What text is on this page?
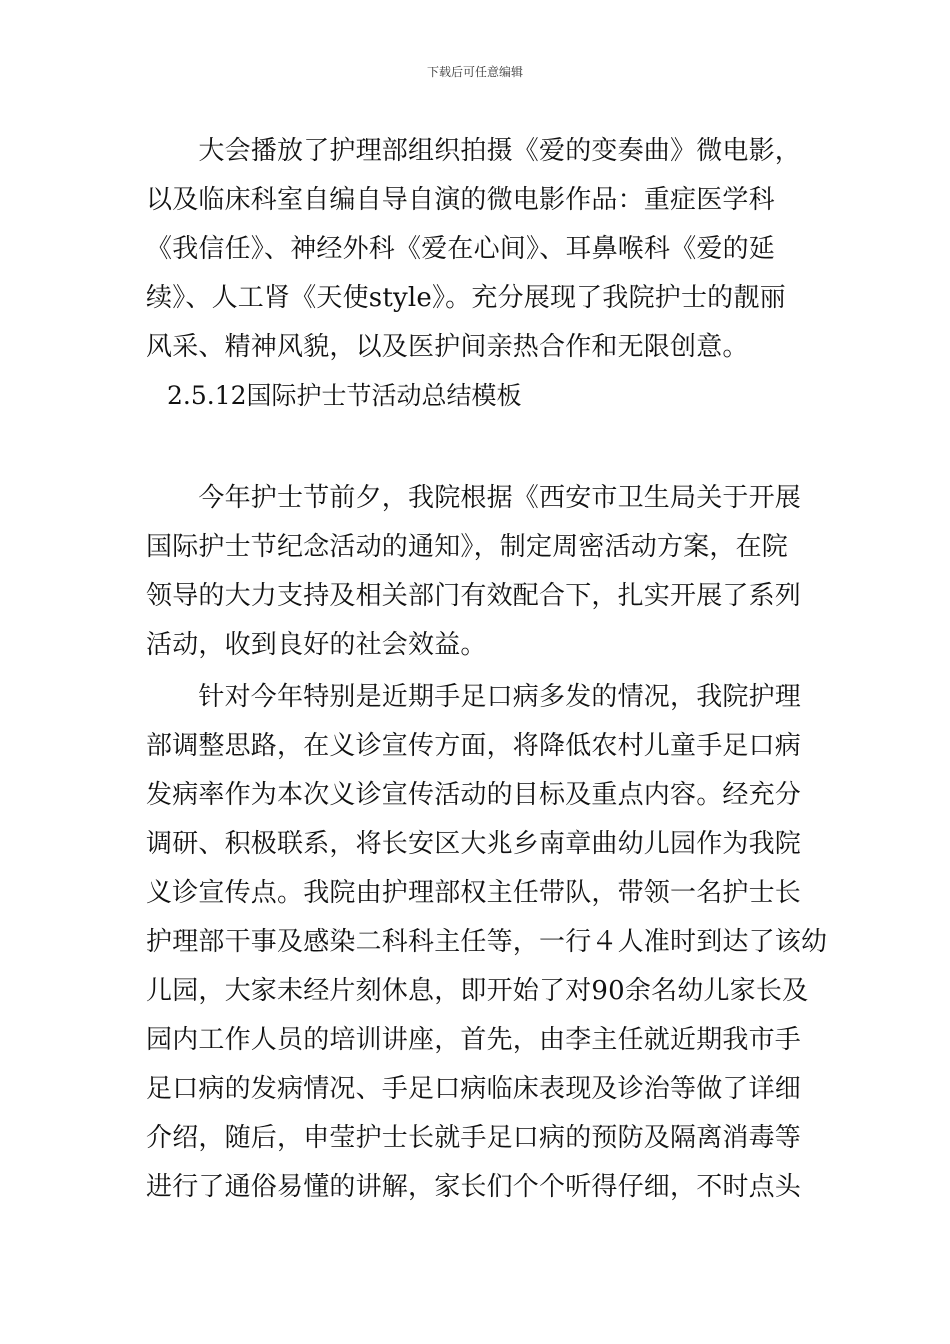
下载后可任意编辑
　　大会播放了护理部组织拍摄《爱的变奏曲》微电影，
以及临床科室自编自导自演的微电影作品：重症医学科
《我信任》、神经外科《爱在心间》、耳鼻喉科《爱的延
续》、人工肾《天使style》。充分展现了我院护士的靓丽
风采、精神风貌，以及医护间亲热合作和无限创意。
2.5.12国际护士节活动总结模板
　　今年护士节前夕，我院根据《西安市卫生局关于开展
国际护士节纪念活动的通知》，制定周密活动方案，在院
领导的大力支持及相关部门有效配合下，扎实开展了系列
活动，收到良好的社会效益。
　　针对今年特别是近期手足口病多发的情况，我院护理
部调整思路，在义诊宣传方面，将降低农村儿童手足口病
发病率作为本次义诊宣传活动的目标及重点内容。经充分
调研、积极联系，将长安区大兆乡南章曲幼儿园作为我院
义诊宣传点。我院由护理部权主任带队，带领一名护士长
护理部干事及感染二科科主任等，一行４人准时到达了该幼
儿园，大家未经片刻休息，即开始了对90余名幼儿家长及
园内工作人员的培训讲座，首先，由李主任就近期我市手
足口病的发病情况、手足口病临床表现及诊治等做了详细
介绍，随后，申莹护士长就手足口病的预防及隔离消毒等
进行了通俗易懂的讲解，家长们个个听得仔细，不时点头
